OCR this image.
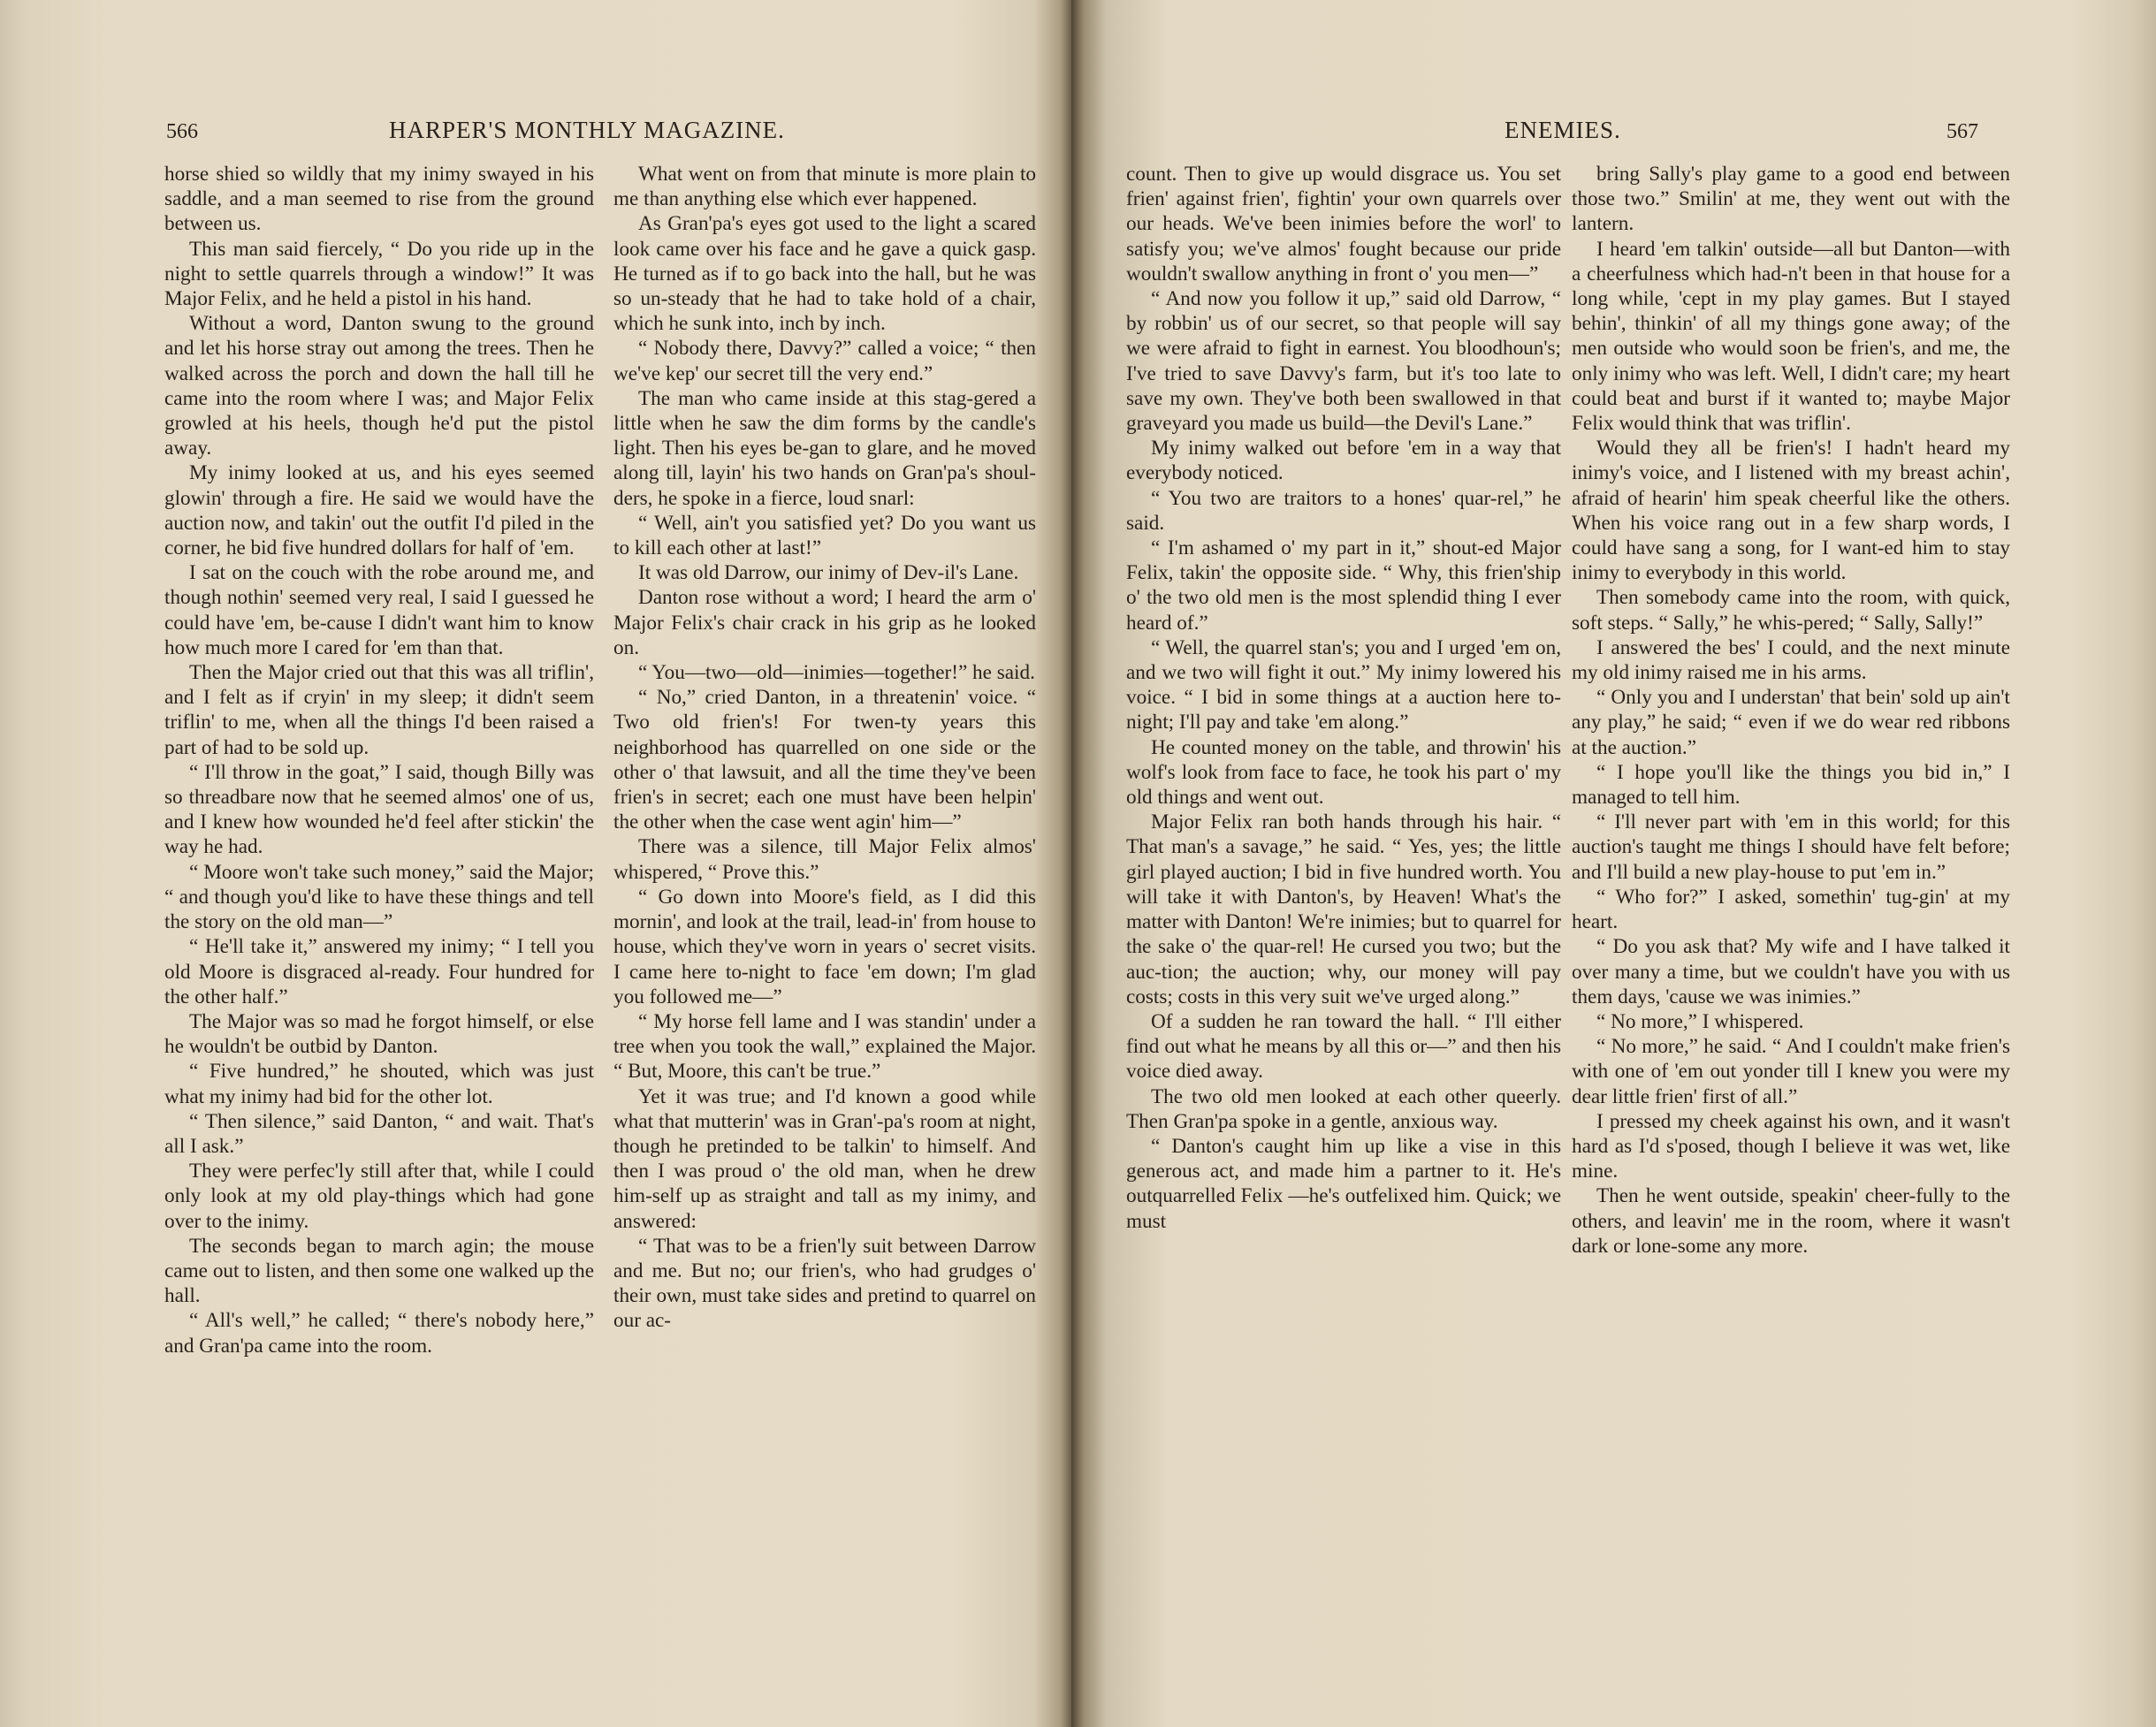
566	HARPER'S MONTHLY MAGAZINE.

horse shied so wildly that my inimy swayed in his saddle, and a man seemed to rise from the ground between us.

This man said fiercely, “ Do you ride up in the night to settle quarrels through a window!” It was Major Felix, and he held a pistol in his hand.

Without a word, Danton swung to the ground and let his horse stray out among the trees. Then he walked across the porch and down the hall till he came into the room where I was; and Major Felix growled at his heels, though he'd put the pistol away.

My inimy looked at us, and his eyes seemed glowin' through a fire. He said we would have the auction now, and takin' out the outfit I'd piled in the corner, he bid five hundred dollars for half of 'em.

I sat on the couch with the robe around me, and though nothin' seemed very real, I said I guessed he could have 'em, be-cause I didn't want him to know how much more I cared for 'em than that.

Then the Major cried out that this was all triflin', and I felt as if cryin' in my sleep; it didn't seem triflin' to me, when all the things I'd been raised a part of had to be sold up.

“ I'll throw in the goat,” I said, though Billy was so threadbare now that he seemed almos' one of us, and I knew how wounded he'd feel after stickin' the way he had.

“ Moore won't take such money,” said the Major; “ and though you'd like to have these things and tell the story on the old man—”

“ He'll take it,” answered my inimy; “ I tell you old Moore is disgraced al-ready. Four hundred for the other half.”

The Major was so mad he forgot himself, or else he wouldn't be outbid by Danton.

“ Five hundred,” he shouted, which was just what my inimy had bid for the other lot.

“ Then silence,” said Danton, “ and wait. That's all I ask.”

They were perfec'ly still after that, while I could only look at my old play-things which had gone over to the inimy.

The seconds began to march agin; the mouse came out to listen, and then some one walked up the hall.

“ All's well,” he called; “ there's nobody here,” and Gran'pa came into the room.

What went on from that minute is more plain to me than anything else which ever happened.

As Gran'pa's eyes got used to the light a scared look came over his face and he gave a quick gasp. He turned as if to go back into the hall, but he was so un-steady that he had to take hold of a chair, which he sunk into, inch by inch.

“ Nobody there, Davvy?” called a voice; “ then we've kep' our secret till the very end.”

The man who came inside at this stag-gered a little when he saw the dim forms by the candle's light. Then his eyes be-gan to glare, and he moved along till, layin' his two hands on Gran'pa's shoul-ders, he spoke in a fierce, loud snarl:

“ Well, ain't you satisfied yet? Do you want us to kill each other at last!”

It was old Darrow, our inimy of Dev-il's Lane.

Danton rose without a word; I heard the arm o' Major Felix's chair crack in his grip as he looked on.

“ You—two—old—inimies—together!” he said.

“ No,” cried Danton, in a threatenin' voice. “ Two old frien's! For twen-ty years this neighborhood has quarrelled on one side or the other o' that lawsuit, and all the time they've been frien's in secret; each one must have been helpin' the other when the case went agin' him—”

There was a silence, till Major Felix almos' whispered, “ Prove this.”

“ Go down into Moore's field, as I did this mornin', and look at the trail, lead-in' from house to house, which they've worn in years o' secret visits. I came here to-night to face 'em down; I'm glad you followed me—”

“ My horse fell lame and I was standin' under a tree when you took the wall,” explained the Major. “ But, Moore, this can't be true.”

Yet it was true; and I'd known a good while what that mutterin' was in Gran'-pa's room at night, though he pretinded to be talkin' to himself. And then I was proud o' the old man, when he drew him-self up as straight and tall as my inimy, and answered:

“ That was to be a frien'ly suit between Darrow and me. But no; our frien's, who had grudges o' their own, must take sides and pretind to quarrel on our ac-

ENEMIES.	567

count. Then to give up would disgrace us. You set frien' against frien', fightin' your own quarrels over our heads. We've been inimies before the worl' to satisfy you; we've almos' fought because our pride wouldn't swallow anything in front o' you men—”

“ And now you follow it up,” said old Darrow, “ by robbin' us of our secret, so that people will say we were afraid to fight in earnest. You bloodhoun's; I've tried to save Davvy's farm, but it's too late to save my own. They've both been swallowed in that graveyard you made us build—the Devil's Lane.”

My inimy walked out before 'em in a way that everybody noticed.

“ You two are traitors to a hones' quar-rel,” he said.

“ I'm ashamed o' my part in it,” shout-ed Major Felix, takin' the opposite side. “ Why, this frien'ship o' the two old men is the most splendid thing I ever heard of.”

“ Well, the quarrel stan's; you and I urged 'em on, and we two will fight it out.” My inimy lowered his voice. “ I bid in some things at a auction here to-night; I'll pay and take 'em along.”

He counted money on the table, and throwin' his wolf's look from face to face, he took his part o' my old things and went out.

Major Felix ran both hands through his hair. “ That man's a savage,” he said. “ Yes, yes; the little girl played auction; I bid in five hundred worth. You will take it with Danton's, by Heaven! What's the matter with Danton! We're inimies; but to quarrel for the sake o' the quar-rel! He cursed you two; but the auc-tion; the auction; why, our money will pay costs; costs in this very suit we've urged along.”

Of a sudden he ran toward the hall. “ I'll either find out what he means by all this or—” and then his voice died away.

The two old men looked at each other queerly. Then Gran'pa spoke in a gentle, anxious way.

“ Danton's caught him up like a vise in this generous act, and made him a partner to it. He's outquarrelled Felix —he's outfelixed him. Quick; we must

bring Sally's play game to a good end between those two.” Smilin' at me, they went out with the lantern.

I heard 'em talkin' outside—all but Danton—with a cheerfulness which had-n't been in that house for a long while, 'cept in my play games. But I stayed behin', thinkin' of all my things gone away; of the men outside who would soon be frien's, and me, the only inimy who was left. Well, I didn't care; my heart could beat and burst if it wanted to; maybe Major Felix would think that was triflin'.

Would they all be frien's! I hadn't heard my inimy's voice, and I listened with my breast achin', afraid of hearin' him speak cheerful like the others. When his voice rang out in a few sharp words, I could have sang a song, for I want-ed him to stay inimy to everybody in this world.

Then somebody came into the room, with quick, soft steps. “ Sally,” he whis-pered; “ Sally, Sally!”

I answered the bes' I could, and the next minute my old inimy raised me in his arms.

“ Only you and I understan' that bein' sold up ain't any play,” he said; “ even if we do wear red ribbons at the auction.”

“ I hope you'll like the things you bid in,” I managed to tell him.

“ I'll never part with 'em in this world; for this auction's taught me things I should have felt before; and I'll build a new play-house to put 'em in.”

“ Who for?” I asked, somethin' tug-gin' at my heart.

“ Do you ask that? My wife and I have talked it over many a time, but we couldn't have you with us them days, 'cause we was inimies.”

“ No more,” I whispered.

“ No more,” he said. “ And I couldn't make frien's with one of 'em out yonder till I knew you were my dear little frien' first of all.”

I pressed my cheek against his own, and it wasn't hard as I'd s'posed, though I believe it was wet, like mine.

Then he went outside, speakin' cheer-fully to the others, and leavin' me in the room, where it wasn't dark or lone-some any more.
